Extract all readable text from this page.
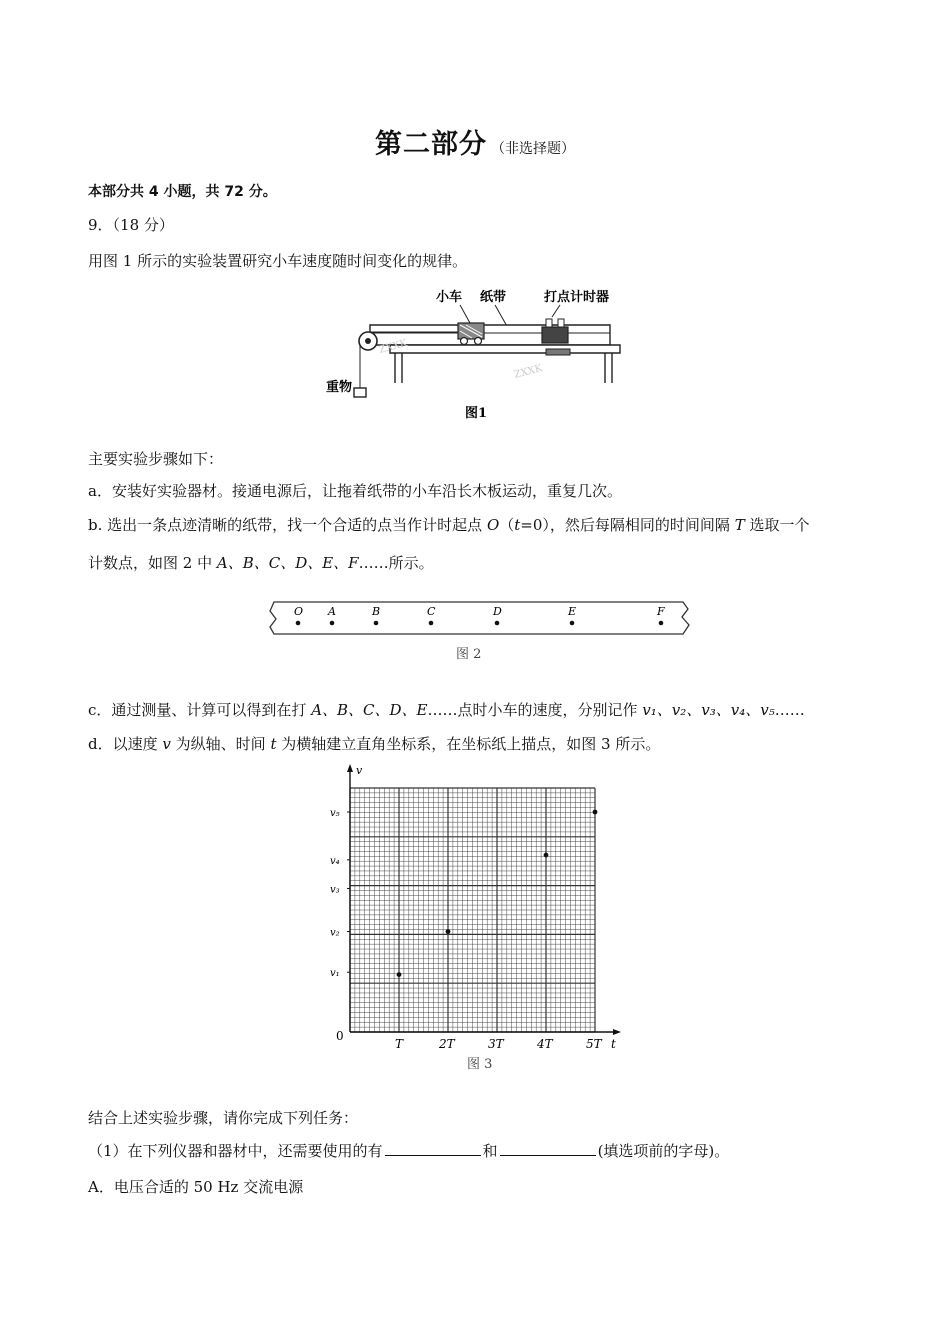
第二部分 （非选择题）
本部分共 4 小题，共 72 分。
9．（18 分）
用图 1 所示的实验装置研究小车速度随时间变化的规律。
小车 纸带	打点计时器
重物
图1
ZXXK
ZXXK
主要实验步骤如下：
a．安装好实验器材。接通电源后，让拖着纸带的小车沿长木板运动，重复几次。
b. 选出一条点迹清晰的纸带，找一个合适的点当作计时起点 O（t=0），然后每隔相同的时间间隔 T 选取一个
计数点，如图 2 中 A、B、C、D、E、F……所示。
O A	B	C	D	E	F
图 2
c．通过测量、计算可以得到在打 A、B、C、D、E……点时小车的速度，分别记作 v₁、v₂、v₃、v₄、v₅……
d．以速度 v 为纵轴、时间 t 为横轴建立直角坐标系，在坐标纸上描点，如图 3 所示。
v
t
0
T	2T	3T	4T	5T
v₁
v₂
v₃
v₄
v₅
图 3
结合上述实验步骤，请你完成下列任务：
（1）在下列仪器和器材中，还需要使用的有	和	(填选项前的字母)。
A．电压合适的 50 Hz 交流电源
